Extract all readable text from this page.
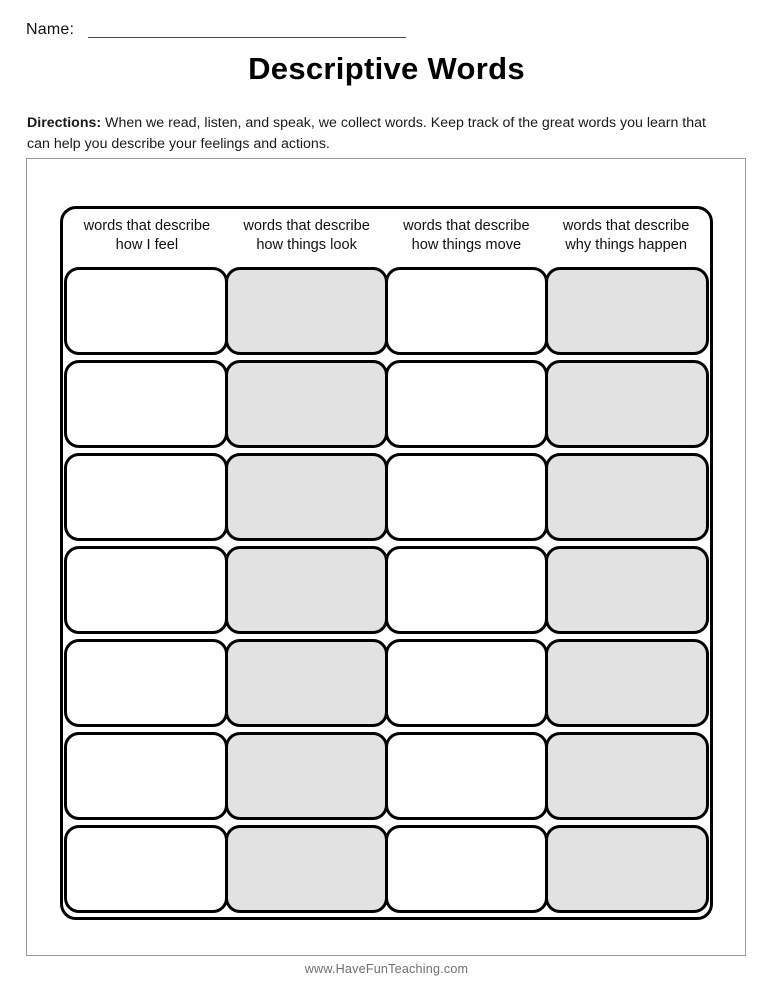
Name:
Descriptive Words
Directions: When we read, listen, and speak, we collect words. Keep track of the great words you learn that can help you describe your feelings and actions.
words that describe
how I feel
words that describe
how things look
words that describe
how things move
words that describe
why things happen
www.HaveFunTeaching.com
